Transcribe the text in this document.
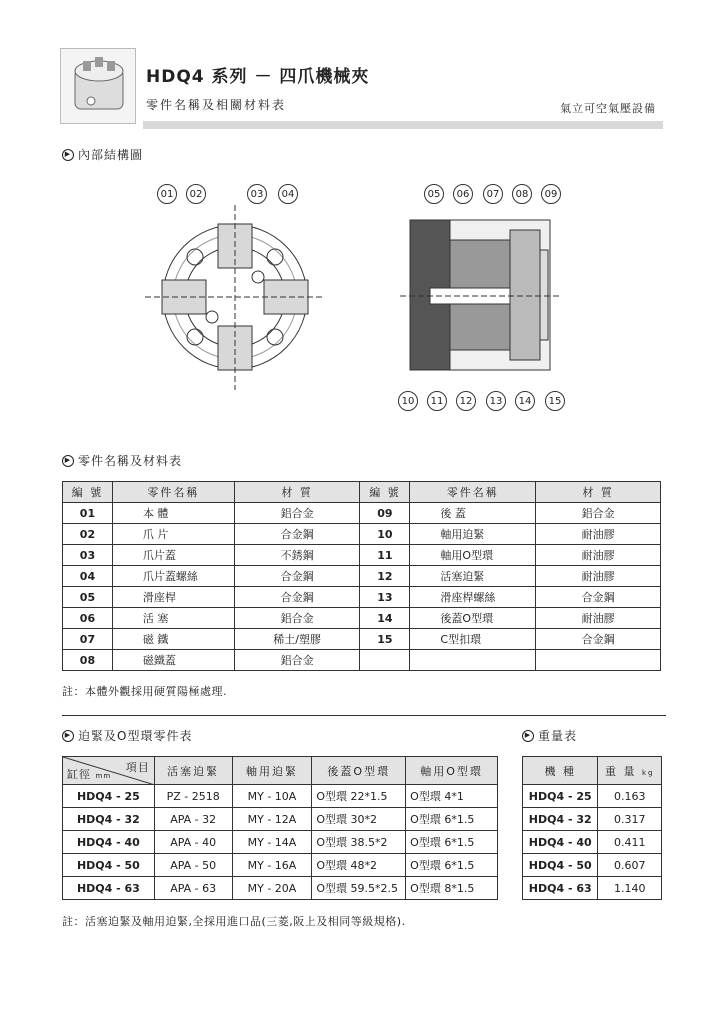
HDQ4 系列 － 四爪機械夾
零件名稱及相關材料表	氣立可空氣壓設備
▶ 內部結構圖
01	02	03	04	05	06	07	08	09
10	11	12	13	14	15
▶ 零件名稱及材料表
編 號	零件名稱	材 質	編 號	零件名稱	材 質
01	本 體	鋁合金	09	後 蓋	鋁合金
02	爪 片	合金鋼	10	軸用迫緊	耐油膠
03	爪片蓋	不銹鋼	11	軸用O型環	耐油膠
04	爪片蓋螺絲	合金鋼	12	活塞迫緊	耐油膠
05	滑座桿	合金鋼	13	滑座桿螺絲	合金鋼
06	活 塞	鋁合金	14	後蓋O型環	耐油膠
07	磁 鐵	稀土/塑膠	15	C型扣環	合金鋼
08	磁鐵蓋	鋁合金			
註：本體外觀採用硬質陽極處理.
▶ 迫緊及O型環零件表	▶ 重量表
項目
缸徑 mm	活塞迫緊	軸用迫緊	後蓋O型環	軸用O型環
HDQ4 - 25	PZ - 2518	MY - 10A	O型環 22*1.5	O型環 4*1
HDQ4 - 32	APA - 32	MY - 12A	O型環 30*2	O型環 6*1.5
HDQ4 - 40	APA - 40	MY - 14A	O型環 38.5*2	O型環 6*1.5
HDQ4 - 50	APA - 50	MY - 16A	O型環 48*2	O型環 6*1.5
HDQ4 - 63	APA - 63	MY - 20A	O型環 59.5*2.5	O型環 8*1.5
機 種	重 量 kg
HDQ4 - 25	0.163
HDQ4 - 32	0.317
HDQ4 - 40	0.411
HDQ4 - 50	0.607
HDQ4 - 63	1.140
註：活塞迫緊及軸用迫緊,全採用進口品(三菱,阪上及相同等級規格).
